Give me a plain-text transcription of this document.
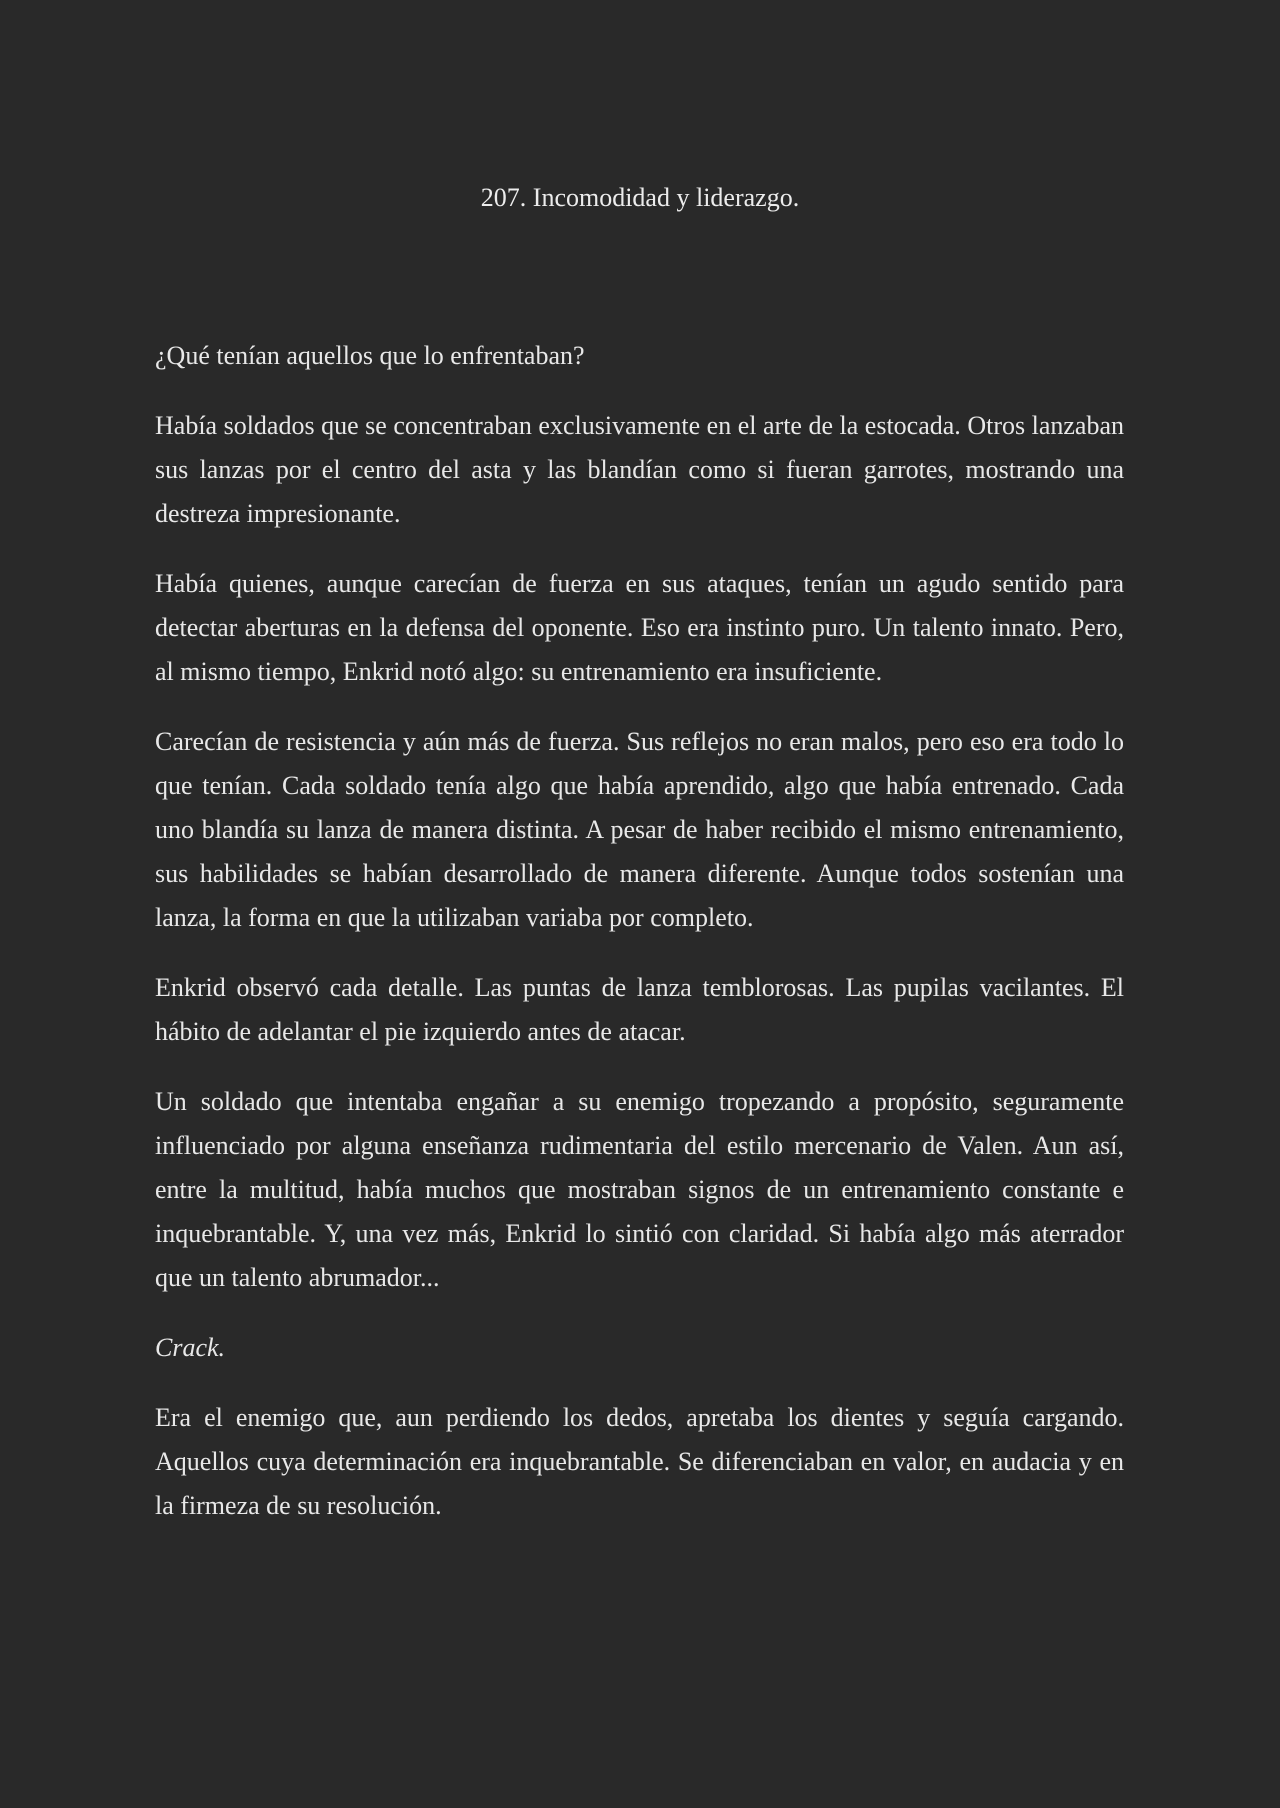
207. Incomodidad y liderazgo.

¿Qué tenían aquellos que lo enfrentaban?

Había soldados que se concentraban exclusivamente en el arte de la estocada. Otros lanzaban sus lanzas por el centro del asta y las blandían como si fueran garrotes, mostrando una destreza impresionante.

Había quienes, aunque carecían de fuerza en sus ataques, tenían un agudo sentido para detectar aberturas en la defensa del oponente. Eso era instinto puro. Un talento innato. Pero, al mismo tiempo, Enkrid notó algo: su entrenamiento era insuficiente.

Carecían de resistencia y aún más de fuerza. Sus reflejos no eran malos, pero eso era todo lo que tenían. Cada soldado tenía algo que había aprendido, algo que había entrenado. Cada uno blandía su lanza de manera distinta. A pesar de haber recibido el mismo entrenamiento, sus habilidades se habían desarrollado de manera diferente. Aunque todos sostenían una lanza, la forma en que la utilizaban variaba por completo.

Enkrid observó cada detalle. Las puntas de lanza temblorosas. Las pupilas vacilantes. El hábito de adelantar el pie izquierdo antes de atacar.

Un soldado que intentaba engañar a su enemigo tropezando a propósito, seguramente influenciado por alguna enseñanza rudimentaria del estilo mercenario de Valen. Aun así, entre la multitud, había muchos que mostraban signos de un entrenamiento constante e inquebrantable. Y, una vez más, Enkrid lo sintió con claridad. Si había algo más aterrador que un talento abrumador...

Crack.

Era el enemigo que, aun perdiendo los dedos, apretaba los dientes y seguía cargando. Aquellos cuya determinación era inquebrantable. Se diferenciaban en valor, en audacia y en la firmeza de su resolución.
